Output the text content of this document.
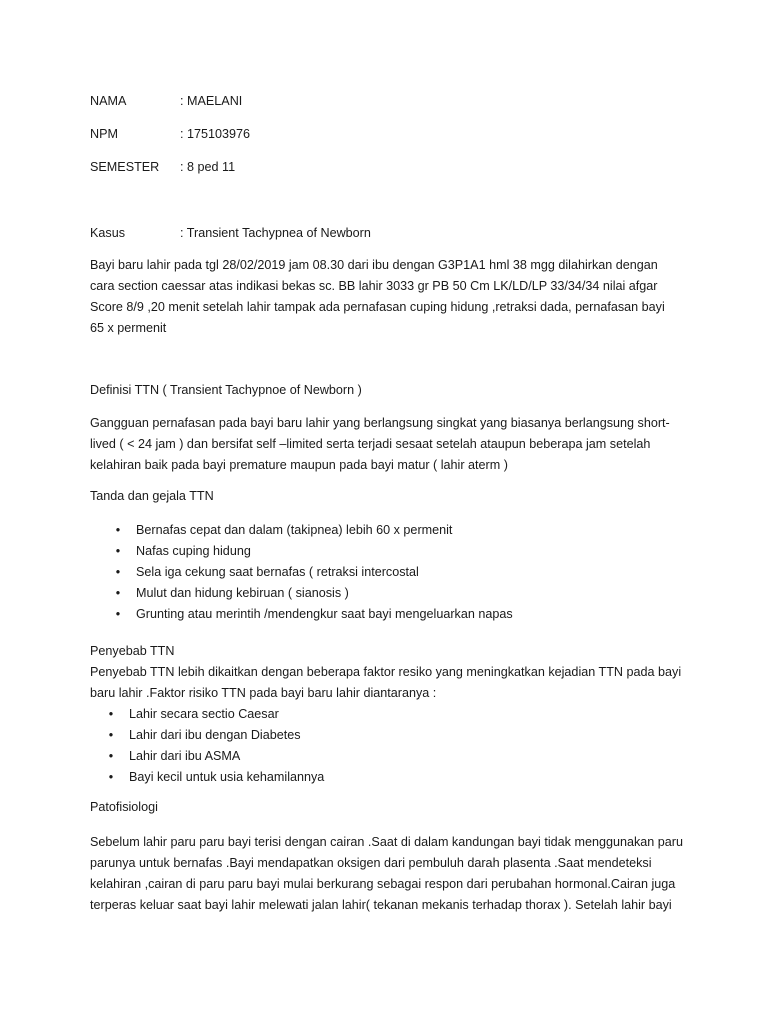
NAMA	: MAELANI
NPM	: 175103976
SEMESTER : 8 ped 11
Kasus	: Transient Tachypnea of Newborn
Bayi baru lahir pada tgl 28/02/2019 jam 08.30 dari ibu dengan G3P1A1 hml 38 mgg dilahirkan dengan
cara section caessar atas indikasi bekas sc. BB lahir 3033 gr PB 50 Cm LK/LD/LP 33/34/34 nilai afgar
Score 8/9 ,20 menit setelah lahir tampak ada pernafasan cuping hidung ,retraksi dada, pernafasan bayi
65 x permenit
Definisi TTN ( Transient Tachypnoe of Newborn )
Gangguan pernafasan pada bayi baru lahir yang berlangsung singkat yang biasanya berlangsung short-
lived ( < 24 jam ) dan bersifat self –limited serta terjadi sesaat setelah ataupun beberapa jam setelah
kelahiran baik pada bayi premature maupun pada bayi matur ( lahir aterm )
Tanda dan gejala TTN
• Bernafas cepat dan dalam (takipnea) lebih 60 x permenit
• Nafas cuping hidung
• Sela iga cekung saat bernafas ( retraksi intercostal
• Mulut dan hidung kebiruan ( sianosis )
• Grunting atau merintih /mendengkur saat bayi mengeluarkan napas
Penyebab TTN
Penyebab TTN lebih dikaitkan dengan beberapa faktor resiko yang meningkatkan kejadian TTN pada bayi
baru lahir .Faktor risiko TTN pada bayi baru lahir diantaranya :
• Lahir secara sectio Caesar
• Lahir dari ibu dengan Diabetes
• Lahir dari ibu ASMA
• Bayi kecil untuk usia kehamilannya
Patofisiologi
Sebelum lahir paru paru bayi terisi dengan cairan .Saat di dalam kandungan bayi tidak menggunakan paru
parunya untuk bernafas .Bayi mendapatkan oksigen dari pembuluh darah plasenta .Saat mendeteksi
kelahiran ,cairan di paru paru bayi mulai berkurang sebagai respon dari perubahan hormonal.Cairan juga
terperas keluar saat bayi lahir melewati jalan lahir( tekanan mekanis terhadap thorax ). Setelah lahir bayi
